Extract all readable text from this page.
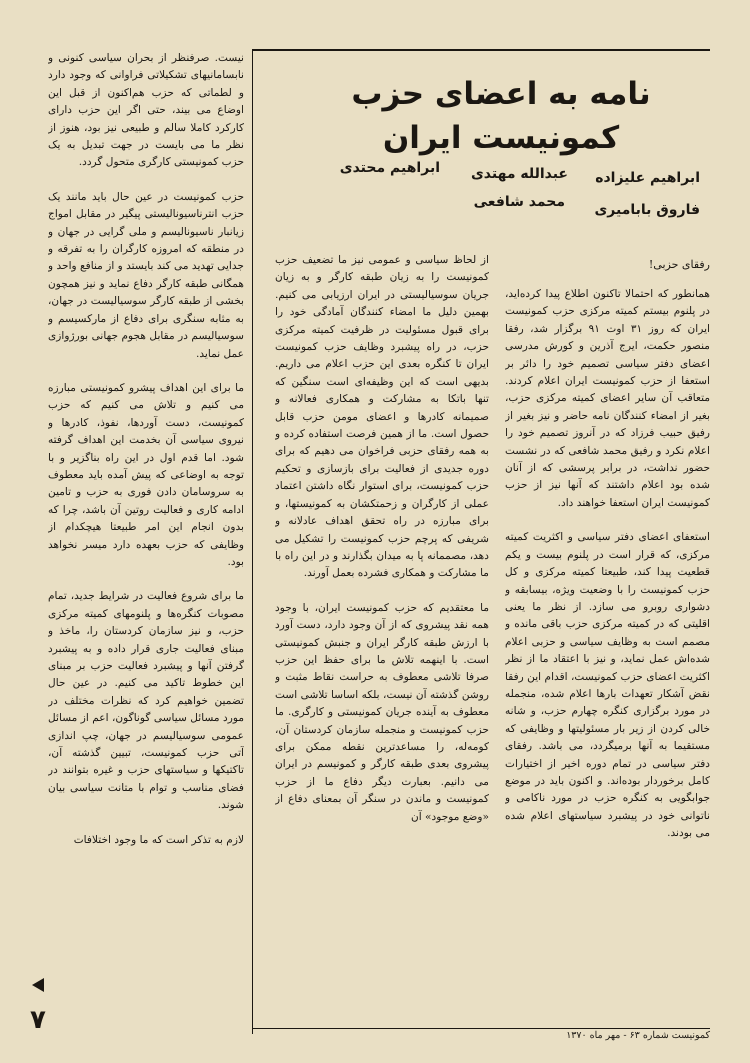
نامه به اعضای حزب کمونیست ایران
ابراهیم علیزاده
عبدالله مهتدی
ابراهیم محتدی
فاروق بابامیری
محمد شافعی
رفقای حزبی!

همانطور که احتمالا تاکنون اطلاع پیدا کرده‌اید، در پلنوم بیستم کمیته مرکزی حزب کمونیست ایران که روز ۳۱ اوت ۹۱ برگزار شد، رفقا منصور حکمت، ایرج آذرین و کورش مدرسی اعضای دفتر سیاسی تصمیم خود را دائر بر استعفا از حزب کمونیست ایران اعلام کردند. متعاقب آن سایر اعضای کمیته مرکزی حزب، بغیر از امضاء کنندگان نامه حاضر و نیز بغیر از رفیق حبیب فرزاد که در آنروز تصمیم خود را اعلام نکرد و رفیق محمد شافعی که در نشست حضور نداشت، در برابر پرسشی که از آنان شده بود اعلام داشتند که آنها نیز از حزب کمونیست ایران استعفا خواهند داد.

استعفای اعضای دفتر سیاسی و اکثریت کمیته مرکزی، که قرار است در پلنوم بیست و یکم قطعیت پیدا کند، طبیعتا کمیته مرکزی و کل حزب کمونیست را با وضعیت ویژه، بیسابقه و دشواری روبرو می سازد. از نظر ما یعنی اقلیتی که در کمیته مرکزی حزب باقی مانده و مصمم است به وظایف سیاسی و حزبی اعلام شده‌اش عمل نماید، و نیز با اعتقاد ما از نظر اکثریت اعضای حزب کمونیست، اقدام این رفقا نقض آشکار تعهدات بارها اعلام شده، منجمله در مورد برگزاری کنگره چهارم حزب، و شانه خالی کردن از زیر بار مسئولیتها و وظایفی که مستقیما به آنها برمیگردد، می باشد. رفقای دفتر سیاسی در تمام دوره اخیر از اختیارات کامل برخوردار بوده‌اند. و اکنون باید در موضع جوابگویی به کنگره حزب در مورد ناکامی و ناتوانی خود در پیشبرد سیاستهای اعلام شده می بودند.

از لحاظ سیاسی و عمومی نیز ما تضعیف حزب کمونیست را به زیان طبقه کارگر و به زیان جریان سوسیالیستی در ایران ارزیابی می کنیم. بهمین دلیل ما امضاء کنندگان آمادگی خود را برای قبول مسئولیت در ظرفیت کمیته مرکزی حزب، در راه پیشبرد وظایف حزب کمونیست ایران تا کنگره بعدی این حزب اعلام می داریم. بدیهی است که این وظیفه‌ای است سنگین که تنها باتکا به مشارکت و همکاری فعالانه و صمیمانه کادرها و اعضای مومن حزب قابل حصول است. ما از همین فرصت استفاده کرده و به همه رفقای حزبی فراخوان می دهیم که برای دوره جدیدی از فعالیت برای بازسازی و تحکیم حزب کمونیست، برای استوار نگاه داشتن اعتماد عملی از کارگران و زحمتکشان به کمونیستها، و برای مبارزه در راه تحقق اهداف عادلانه و شریفی که پرچم حزب کمونیست را تشکیل می دهد، مصممانه پا به میدان بگذارند و در این راه با ما مشارکت و همکاری فشرده بعمل آورند.

ما معتقدیم که حزب کمونیست ایران، با وجود همه نقد پیشروی که از آن وجود دارد، دست آورد با ارزش طبقه کارگر ایران و جنبش کمونیستی است. با اینهمه تلاش ما برای حفظ این حزب صرفا تلاشی معطوف به حراست نقاط مثبت و روشن گذشته آن نیست، بلکه اساسا تلاشی است معطوف به آینده جریان کمونیستی و کارگری. ما حزب کمونیست و منجمله سازمان کردستان آن، کومه‌له، را مساعدترین نقطه ممکن برای پیشروی بعدی طبقه کارگر و کمونیسم در ایران می دانیم. بعبارت دیگر دفاع ما از حزب کمونیست و ماندن در سنگر آن بمعنای دفاع از «وضع موجود» آن

نیست. صرفنظر از بحران سیاسی کنونی و نابسامانیهای تشکیلاتی فراوانی که وجود دارد و لطماتی که حزب هم‌اکنون از قبل این اوضاع می بیند، حتی اگر این حزب دارای کارکرد کاملا سالم و طبیعی نیز بود، هنوز از نظر ما می بایست در جهت تبدیل به یک حزب کمونیستی کارگری متحول گردد.

حزب کمونیست در عین حال باید مانند یک حزب انترناسیونالیستی پیگیر در مقابل امواج زیانبار ناسیونالیسم و ملی گرایی در جهان و در منطقه که امروزه کارگران را به تفرقه و جدایی تهدید می کند بایستد و از منافع واحد و همگانی طبقه کارگر دفاع نماید و نیز همچون بخشی از طبقه کارگر سوسیالیست در جهان، به مثابه سنگری برای دفاع از مارکسیسم و سوسیالیسم در مقابل هجوم جهانی بورژوازی عمل نماید.

ما برای این اهداف پیشرو کمونیستی مبارزه می کنیم و تلاش می کنیم که حزب کمونیست، دست آوردها، نفوذ، کادرها و نیروی سیاسی آن بخدمت این اهداف گرفته شود. اما قدم اول در این راه بناگزیر و با توجه به اوضاعی که پیش آمده باید معطوف به سروسامان دادن فوری به حزب و تامین ادامه کاری و فعالیت روتین آن باشد، چرا که بدون انجام این امر طبیعتا هیچکدام از وظایفی که حزب بعهده دارد میسر نخواهد بود.

ما برای شروع فعالیت در شرایط جدید، تمام مصوبات کنگره‌ها و پلنومهای کمیته مرکزی حزب، و نیز سازمان کردستان را، ماخذ و مبنای فعالیت جاری قرار داده و به پیشبرد گرفتن آنها و پیشبرد فعالیت حزب بر مبنای این خطوط تاکید می کنیم. در عین حال تضمین خواهیم کرد که نظرات مختلف در مورد مسائل سیاسی گوناگون، اعم از مسائل عمومی سوسیالیسم در جهان، چپ اندازی آتی حزب کمونیست، تبیین گذشته آن، تاکتیکها و سیاستهای حزب و غیره بتوانند در فضای مناسب و توام با متانت سیاسی بیان شوند.

لازم به تذکر است که ما وجود اختلافات

۷
کمونیست شماره ۶۳ - مهر ماه ۱۳۷۰
